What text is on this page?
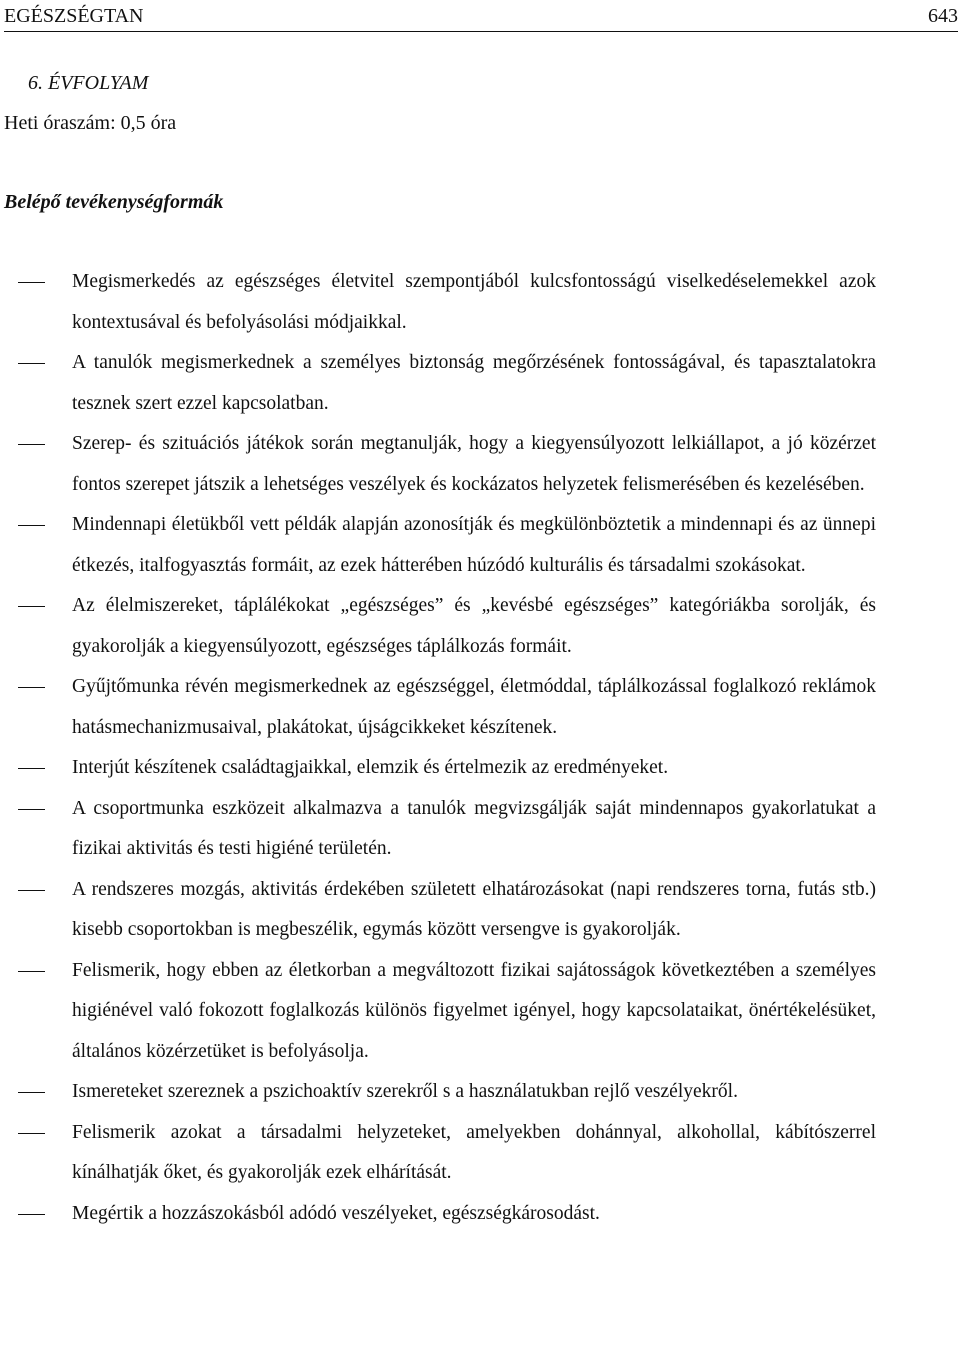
EGÉSZSÉGTAN	643
6. ÉVFOLYAM
Heti óraszám: 0,5 óra
Belépő tevékenységformák
Megismerkedés az egészséges életvitel szempontjából kulcsfontosságú viselkedéselemekkel azok kontextusával és befolyásolási módjaikkal.
A tanulók megismerkednek a személyes biztonság megőrzésének fontosságával, és tapasztalatokra tesznek szert ezzel kapcsolatban.
Szerep- és szituációs játékok során megtanulják, hogy a kiegyensúlyozott lelkiállapot, a jó közérzet fontos szerepet játszik a lehetséges veszélyek és kockázatos helyzetek felismerésében és kezelésében.
Mindennapi életükből vett példák alapján azonosítják és megkülönböztetik a mindennapi és az ünnepi étkezés, italfogyasztás formáit, az ezek hátterében húzódó kulturális és társadalmi szokásokat.
Az élelmiszereket, táplálékokat „egészséges” és „kevésbé egészséges” kategóriákba sorolják, és gyakorolják a kiegyensúlyozott, egészséges táplálkozás formáit.
Gyűjtőmunka révén megismerkednek az egészséggel, életmóddal, táplálkozással foglalkozó reklámok hatásmechanizmusaival, plakátokat, újságcikkeket készítenek.
Interjút készítenek családtagjaikkal, elemzik és értelmezik az eredményeket.
A csoportmunka eszközeit alkalmazva a tanulók megvizsgálják saját mindennapos gyakorlatukat a fizikai aktivitás és testi higiéné területén.
A rendszeres mozgás, aktivitás érdekében született elhatározásokat (napi rendszeres torna, futás stb.) kisebb csoportokban is megbeszélik, egymás között versengve is gyakorolják.
Felismerik, hogy ebben az életkorban a megváltozott fizikai sajátosságok következtében a személyes higiénével való fokozott foglalkozás különös figyelmet igényel, hogy kapcsolataikat, önértékelésüket, általános közérzetüket is befolyásolja.
Ismereteket szereznek a pszichoaktív szerekről s a használatukban rejlő veszélyekről.
Felismerik azokat a társadalmi helyzeteket, amelyekben dohánnyal, alkohollal, kábítószerrel kínálhatják őket, és gyakorolják ezek elhárítását.
Megértik a hozzászokásból adódó veszélyeket, egészségkárosodást.
